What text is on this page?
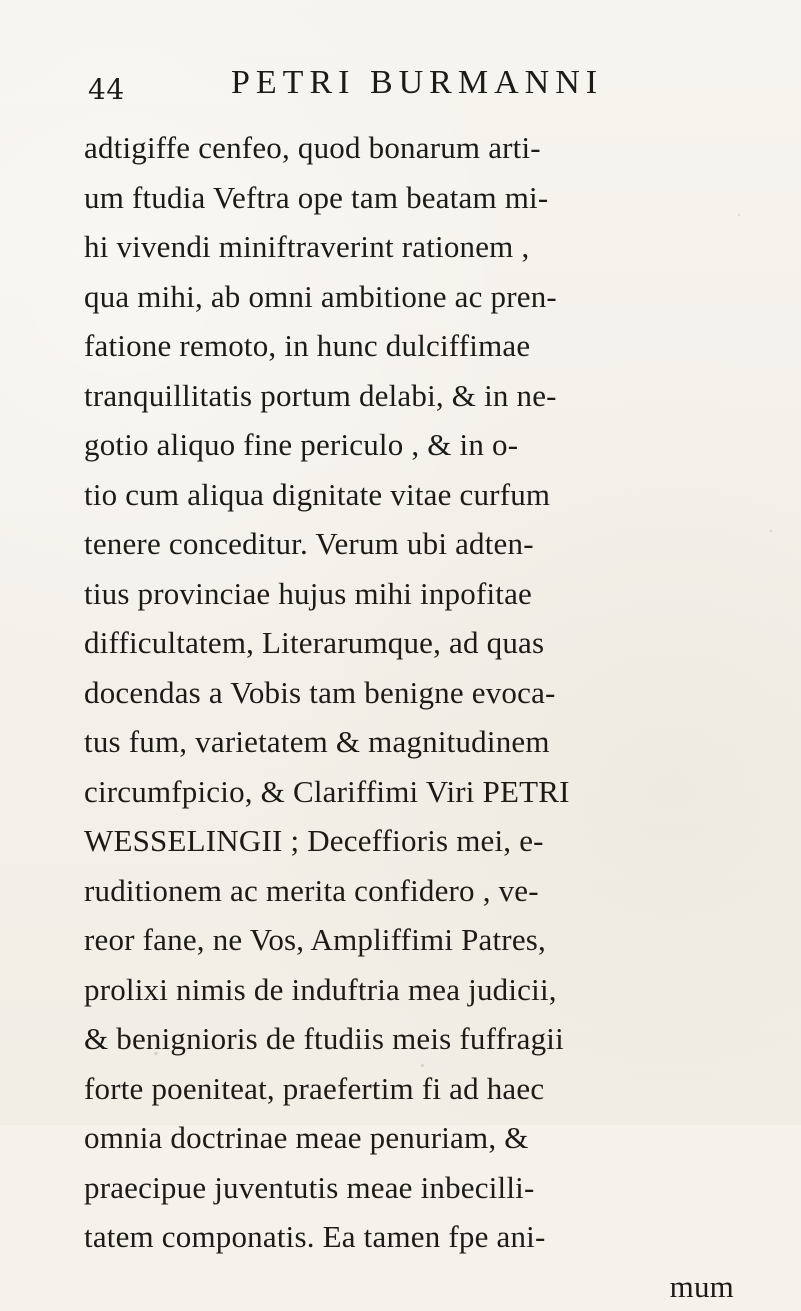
44	PETRI BURMANNI
adtigiffe cenfeo, quod bonarum arti-
um ftudia Veftra ope tam beatam mi-
hi vivendi miniftraverint rationem ,
qua mihi, ab omni ambitione ac pren-
fatione remoto, in hunc dulciffimae
tranquillitatis portum delabi, & in ne-
gotio aliquo fine periculo , & in o-
tio cum aliqua dignitate vitae curfum
tenere conceditur. Verum ubi adten-
tius provinciae hujus mihi inpofitae
difficultatem, Literarumque, ad quas
docendas a Vobis tam benigne evoca-
tus fum, varietatem & magnitudinem
circumfpicio, & Clariffimi Viri PETRI
WESSELINGII ; Deceffioris mei, e-
ruditionem ac merita confidero , ve-
reor fane, ne Vos, Ampliffimi Patres,
prolixi nimis de induftria mea judicii,
& benignioris de ftudiis meis fuffragii
forte poeniteat, praefertim fi ad haec
omnia doctrinae meae penuriam, &
praecipue juventutis meae inbecilli-
tatem componatis. Ea tamen fpe ani-
mum
